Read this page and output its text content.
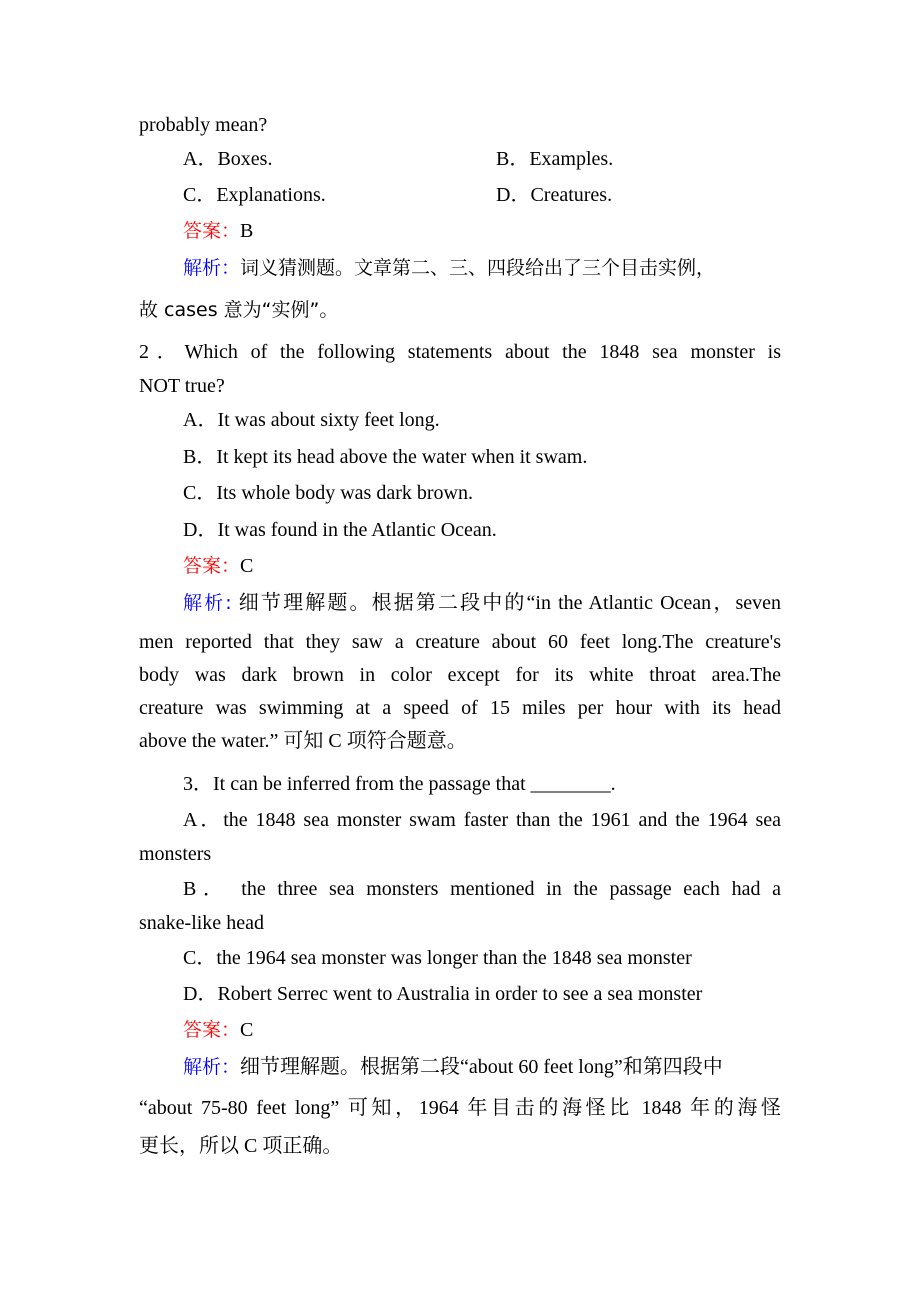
probably mean?
A．Boxes.	B．Examples.
C．Explanations.	D．Creatures.
答案：B
解析：词义猜测题。文章第二、三、四段给出了三个目击实例，
故 cases 意为“实例”。
2．Which of the following statements about the 1848 sea monster is
NOT true?
A．It was about sixty feet long.
B．It kept its head above the water when it swam.
C．Its whole body was dark brown.
D．It was found in the Atlantic Ocean.
答案：C
解析: 细节理解题。根据第二段中的“in the Atlantic Ocean，seven
men reported that they saw a creature about 60 feet long.The creature's
body was dark brown in color except for its white throat area.The
creature was swimming at a speed of 15 miles per hour with its head
above the water.” 可知 C 项符合题意。
3．It can be inferred from the passage that ________.
A．the 1848 sea monster swam faster than the 1961 and the 1964 sea
monsters
B． the three sea monsters mentioned in the passage each had a
snake-like head
C．the 1964 sea monster was longer than the 1848 sea monster
D．Robert Serrec went to Australia in order to see a sea monster
答案：C
解析：细节理解题。根据第二段“about 60 feet long”和第四段中
“about 75-80 feet long” 可知，1964 年目击的海怪比 1848 年的海怪
更长，所以 C 项正确。
